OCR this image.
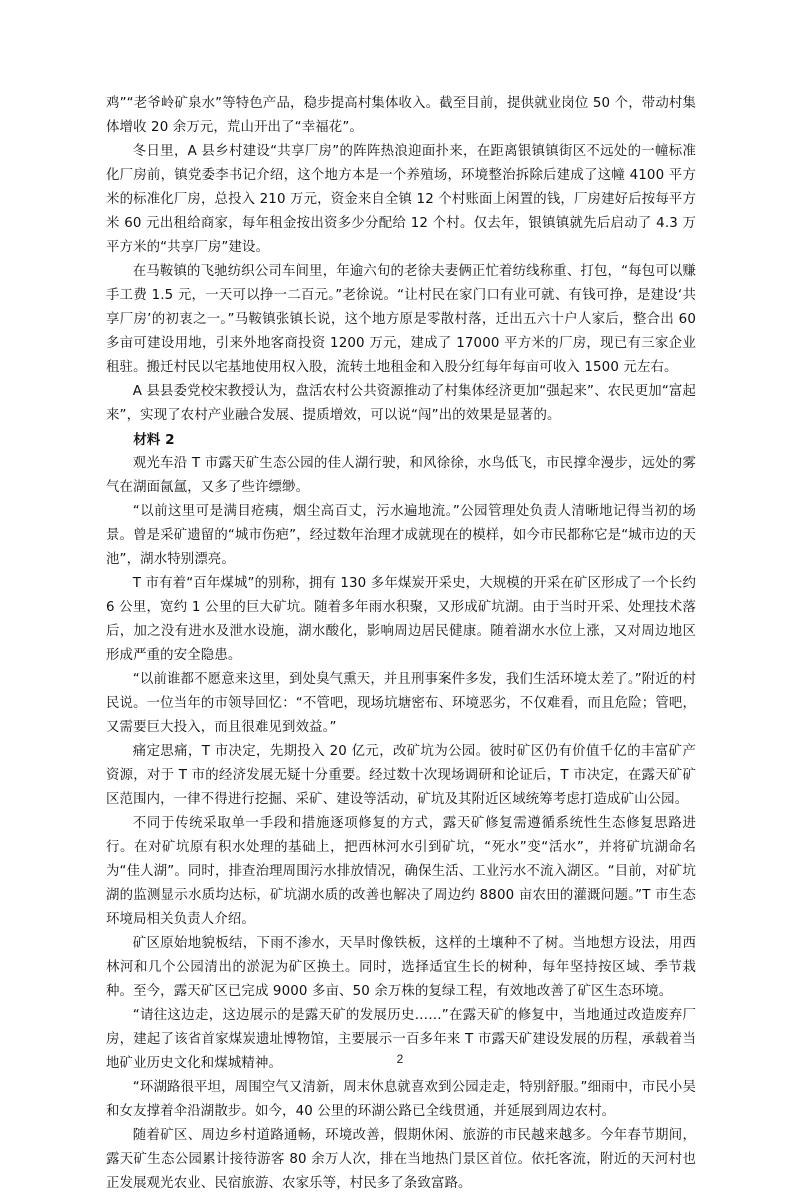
鸡”“老爷岭矿泉水”等特色产品，稳步提高村集体收入。截至目前，提供就业岗位 50 个，带动村集体增收 20 余万元，荒山开出了“幸福花”。

冬日里，A 县乡村建设“共享厂房”的阵阵热浪迎面扑来，在距离银镇镇街区不远处的一幢标准化厂房前，镇党委李书记介绍，这个地方本是一个养殖场，环境整治拆除后建成了这幢 4100 平方米的标准化厂房，总投入 210 万元，资金来自全镇 12 个村账面上闲置的钱，厂房建好后按每平方米 60 元出租给商家，每年租金按出资多少分配给 12 个村。仅去年，银镇镇就先后启动了 4.3 万平方米的“共享厂房”建设。

在马鞍镇的飞驰纺织公司车间里，年逾六旬的老徐夫妻俩正忙着纺线称重、打包，“每包可以赚手工费 1.5 元，一天可以挣一二百元。”老徐说。“让村民在家门口有业可就、有钱可挣，是建设‘共享厂房’的初衷之一。”马鞍镇张镇长说，这个地方原是零散村落，迁出五六十户人家后，整合出 60 多亩可建设用地，引来外地客商投资 1200 万元，建成了 17000 平方米的厂房，现已有三家企业租驻。搬迁村民以宅基地使用权入股，流转土地租金和入股分红每年每亩可收入 1500 元左右。

A 县县委党校宋教授认为，盘活农村公共资源推动了村集体经济更加“强起来”、农民更加“富起来”，实现了农村产业融合发展、提质增效，可以说“闯”出的效果是显著的。

材料 2

观光车沿 T 市露天矿生态公园的佳人湖行驶，和风徐徐，水鸟低飞，市民撑伞漫步，远处的雾气在湖面氤氲，又多了些许缥缈。

“以前这里可是满目疮痍，烟尘高百丈，污水遍地流。”公园管理处负责人清晰地记得当初的场景。曾是采矿遗留的“城市伤疤”，经过数年治理才成就现在的模样，如今市民都称它是“城市边的天池”，湖水特别漂亮。

T 市有着“百年煤城”的别称，拥有 130 多年煤炭开采史，大规模的开采在矿区形成了一个长约 6 公里，宽约 1 公里的巨大矿坑。随着多年雨水积聚，又形成矿坑湖。由于当时开采、处理技术落后，加之没有进水及泄水设施，湖水酸化，影响周边居民健康。随着湖水水位上涨，又对周边地区形成严重的安全隐患。

“以前谁都不愿意来这里，到处臭气熏天，并且刑事案件多发，我们生活环境太差了。”附近的村民说。一位当年的市领导回忆：“不管吧，现场坑塘密布、环境恶劣，不仅难看，而且危险；管吧，又需要巨大投入，而且很难见到效益。”

痛定思痛，T 市决定，先期投入 20 亿元，改矿坑为公园。彼时矿区仍有价值千亿的丰富矿产资源，对于 T 市的经济发展无疑十分重要。经过数十次现场调研和论证后，T 市决定，在露天矿矿区范围内，一律不得进行挖掘、采矿、建设等活动，矿坑及其附近区域统筹考虑打造成矿山公园。

不同于传统采取单一手段和措施逐项修复的方式，露天矿修复需遵循系统性生态修复思路进行。在对矿坑原有积水处理的基础上，把西林河水引到矿坑，“死水”变“活水”，并将矿坑湖命名为“佳人湖”。同时，排查治理周围污水排放情况，确保生活、工业污水不流入湖区。“目前，对矿坑湖的监测显示水质均达标，矿坑湖水质的改善也解决了周边约 8800 亩农田的灌溉问题。”T 市生态环境局相关负责人介绍。

矿区原始地貌板结，下雨不渗水，天旱时像铁板，这样的土壤种不了树。当地想方设法，用西林河和几个公园清出的淤泥为矿区换土。同时，选择适宜生长的树种，每年坚持按区域、季节栽种。至今，露天矿区已完成 9000 多亩、50 余万株的复绿工程，有效地改善了矿区生态环境。

“请往这边走，这边展示的是露天矿的发展历史……”在露天矿的修复中，当地通过改造废弃厂房，建起了该省首家煤炭遗址博物馆，主要展示一百多年来 T 市露天矿建设发展的历程，承载着当地矿业历史文化和煤城精神。

“环湖路很平坦，周围空气又清新，周末休息就喜欢到公园走走，特别舒服。”细雨中，市民小吴和女友撑着伞沿湖散步。如今，40 公里的环湖公路已全线贯通，并延展到周边农村。

随着矿区、周边乡村道路通畅，环境改善，假期休闲、旅游的市民越来越多。今年春节期间，露天矿生态公园累计接待游客 80 余万人次，排在当地热门景区首位。依托客流，附近的天河村也正发展观光农业、民宿旅游、农家乐等，村民多了条致富路。

2
